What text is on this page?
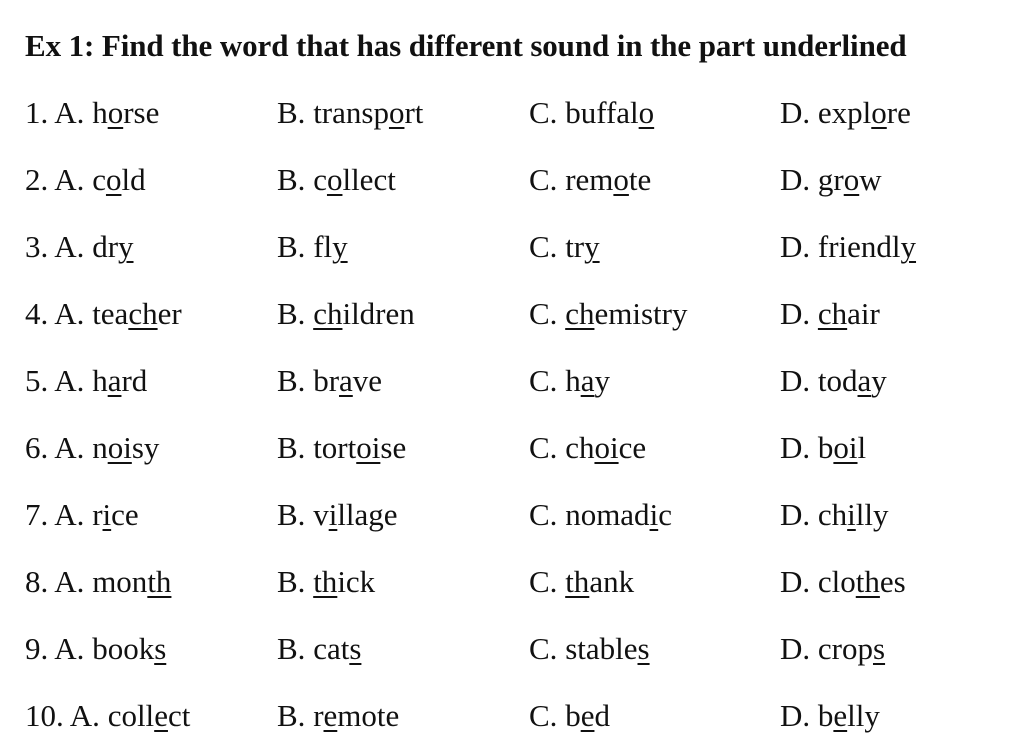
Ex 1: Find the word that has different sound in the part underlined
1. A. horse	B. transport	C. buffalo	D. explore
2. A. cold	B. collect	C. remote	D. grow
3. A. dry	B. fly	C. try	D. friendly
4. A. teacher	B. children	C. chemistry	D. chair
5. A. hard	B. brave	C. hay	D. today
6. A. noisy	B. tortoise	C. choice	D. boil
7. A. rice	B. village	C. nomadic	D. chilly
8. A. month	B. thick	C. thank	D. clothes
9. A. books	B. cats	C. stables	D. crops
10. A. collect	B. remote	C. bed	D. belly
